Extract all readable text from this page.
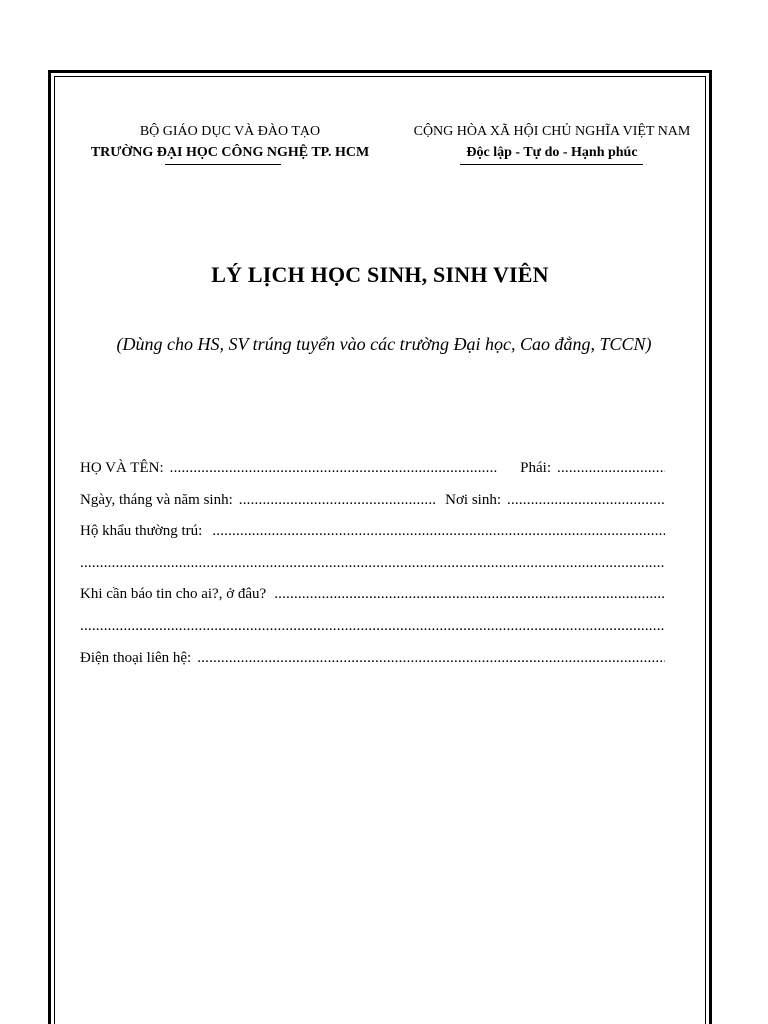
BỘ GIÁO DỤC VÀ ĐÀO TẠO
TRƯỜNG ĐẠI HỌC CÔNG NGHỆ TP. HCM
CỘNG HÒA XÃ HỘI CHỦ NGHĨA VIỆT NAM
Độc lập - Tự do - Hạnh phúc
LÝ LỊCH HỌC SINH, SINH VIÊN
(Dùng cho HS, SV trúng tuyển vào các trường Đại học, Cao đẳng, TCCN)
HỌ VÀ TÊN: .....	Phái:
.....
Ngày, tháng và năm sinh: .....	Nơi sinh:
.....
Hộ khẩu thường trú:
.....
.....
Khi cần báo tin cho ai?, ở đâu?
.....
.....
Điện thoại liên hệ:
.....
